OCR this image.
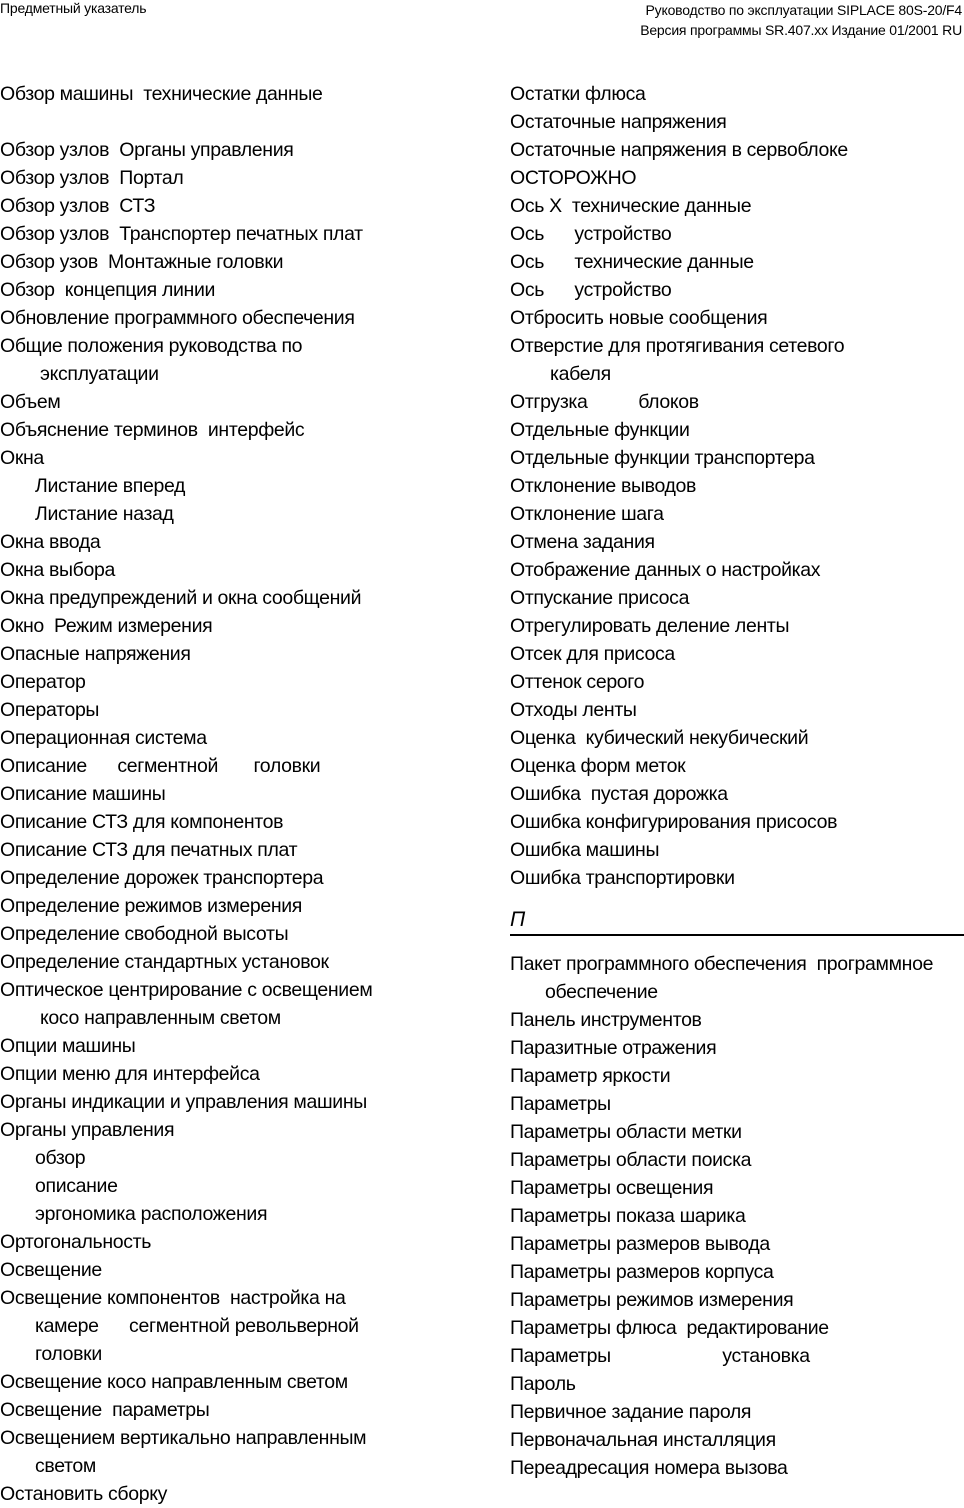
Предметный указатель	Руководство по эксплуатации SIPLACE 80S-20/F4
Версия программы SR.407.xx Издание 01/2001 RU
Обзор машины  технические данные
Обзор узлов  Органы управления
Обзор узлов  Портал
Обзор узлов  СТЗ
Обзор узлов  Транспортер печатных плат
Обзор узов  Монтажные головки
Обзор  концепция линии
Обновление программного обеспечения
Общие положения руководства по
эксплуатации
Объем
Объяснение терминов  интерфейс
Окна
Листание вперед
Листание назад
Окна ввода
Окна выбора
Окна предупреждений и окна сообщений
Окно  Режим измерения
Опасные напряжения
Оператор
Операторы
Операционная система
Описание      сегментной       головки
Описание машины
Описание СТЗ для компонентов
Описание СТЗ для печатных плат
Определение дорожек транспортера
Определение режимов измерения
Определение свободной высоты
Определение стандартных установок
Оптическое центрирование с освещением
косо направленным светом
Опции машины
Опции меню для интерфейса
Органы индикации и управления машины
Органы управления
обзор
описание
эргономика расположения
Ортогональность
Освещение
Освещение компонентов  настройка на
камере      сегментной револьверной
головки
Освещение косо направленным светом
Освещение  параметры
Освещением вертикально направленным
светом
Остановить сборку
Остатки флюса
Остаточные напряжения
Остаточные напряжения в сервоблоке
ОСТОРОЖНО
Ось X  технические данные
Ось      устройство
Ось      технические данные
Ось      устройство
Отбросить новые сообщения
Отверстие для протягивания сетевого
кабеля
Отгрузка          блоков
Отдельные функции
Отдельные функции транспортера
Отклонение выводов
Отклонение шага
Отмена задания
Отображение данных о настройках
Отпускание присоса
Отрегулировать деление ленты
Отсек для присоса
Оттенок серого
Отходы ленты
Оценка  кубический некубический
Оценка форм меток
Ошибка  пустая дорожка
Ошибка конфигурирования присосов
Ошибка машины
Ошибка транспортировки
П
Пакет программного обеспечения  программное
обеспечение
Панель инструментов
Паразитные отражения
Параметр яркости
Параметры
Параметры области метки
Параметры области поиска
Параметры освещения
Параметры показа шарика
Параметры размеров вывода
Параметры размеров корпуса
Параметры режимов измерения
Параметры флюса  редактирование
Параметры                      установка
Пароль
Первичное задание пароля
Первоначальная инсталляция
Переадресация номера вызова
